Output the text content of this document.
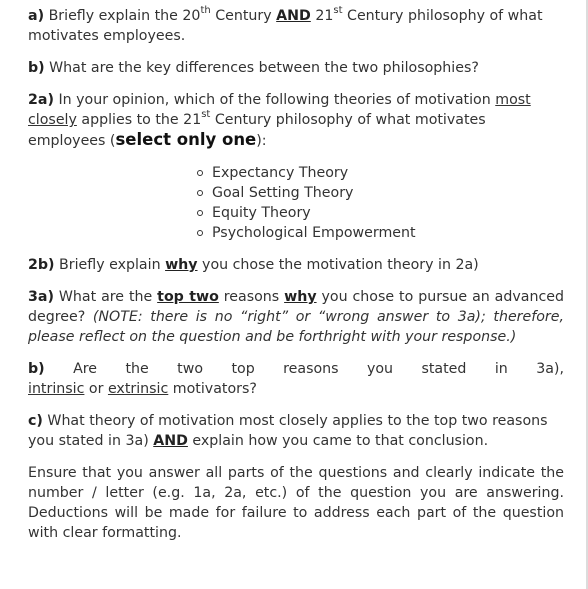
a) Briefly explain the 20th Century AND 21st Century philosophy of what motivates employees.

b) What are the key differences between the two philosophies?

2a) In your opinion, which of the following theories of motivation most
closely applies to the 21st Century philosophy of what motivates employees (select only one):

Expectancy Theory
Goal Setting Theory
Equity Theory
Psychological Empowerment

2b) Briefly explain why you chose the motivation theory in 2a)

3a) What are the top two reasons why you chose to pursue an advanced degree? (NOTE: there is no “right” or “wrong answer to 3a); therefore, please reflect on the question and be forthright with your response.)

b) Are the two top reasons you stated in 3a),

intrinsic or extrinsic motivators?

c) What theory of motivation most closely applies to the top two reasons you stated in 3a) AND explain how you came to that conclusion.

Ensure that you answer all parts of the questions and clearly indicate the number / letter (e.g. 1a, 2a, etc.) of the question you are answering. Deductions will be made for failure to address each part of the question with clear formatting.
